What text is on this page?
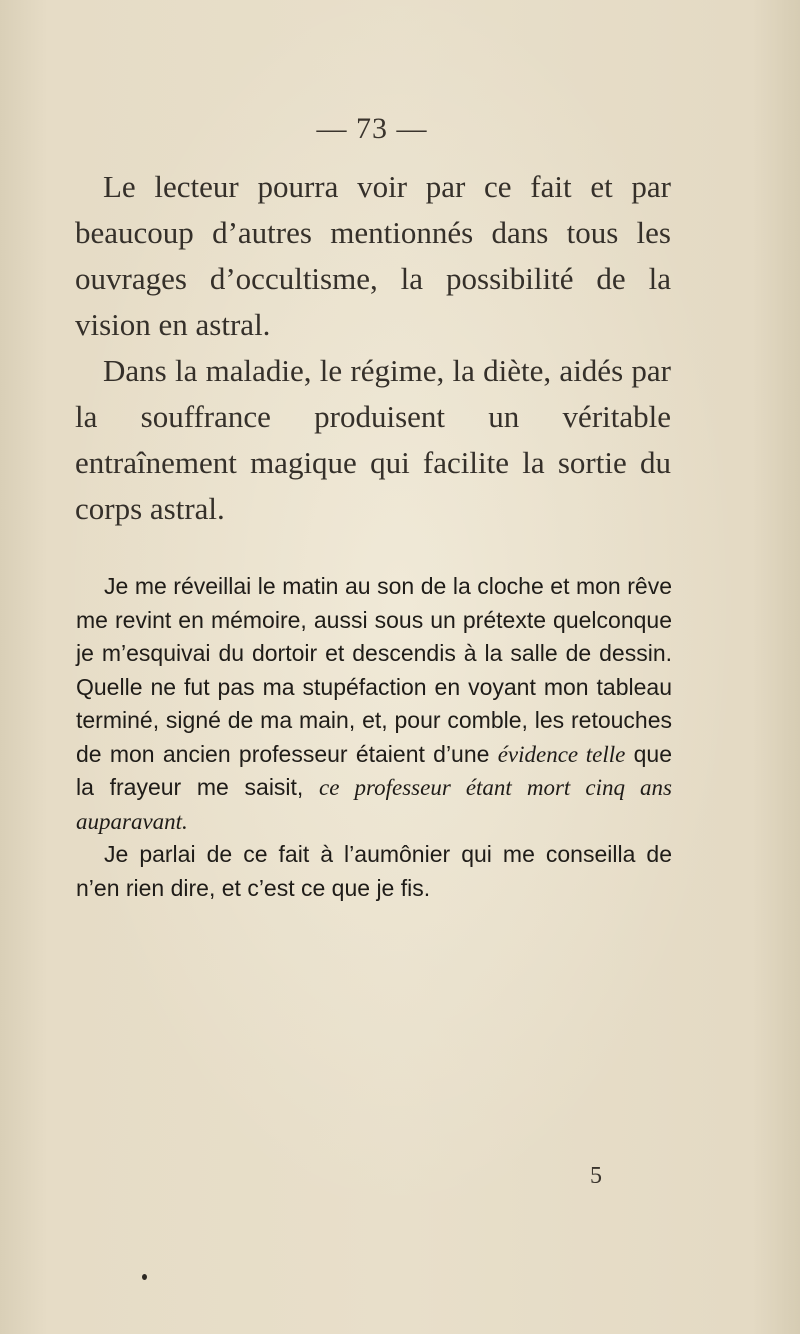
— 73 —

Le lecteur pourra voir par ce fait et par beaucoup d’autres mentionnés dans tous les ouvrages d’occultisme, la possibilité de la vision en astral.

Dans la maladie, le régime, la diète, aidés par la souffrance produisent un véritable entraînement magique qui facilite la sortie du corps astral.

Je me réveillai le matin au son de la cloche et mon rêve me revint en mémoire, aussi sous un prétexte quelconque je m’esquivai du dortoir et descendis à la salle de dessin. Quelle ne fut pas ma stupéfaction en voyant mon tableau terminé, signé de ma main, et, pour comble, les retouches de mon ancien professeur étaient d’une évidence telle que la frayeur me saisit, ce professeur étant mort cinq ans auparavant.

Je parlai de ce fait à l’aumônier qui me conseilla de n’en rien dire, et c’est ce que je fis.

5
